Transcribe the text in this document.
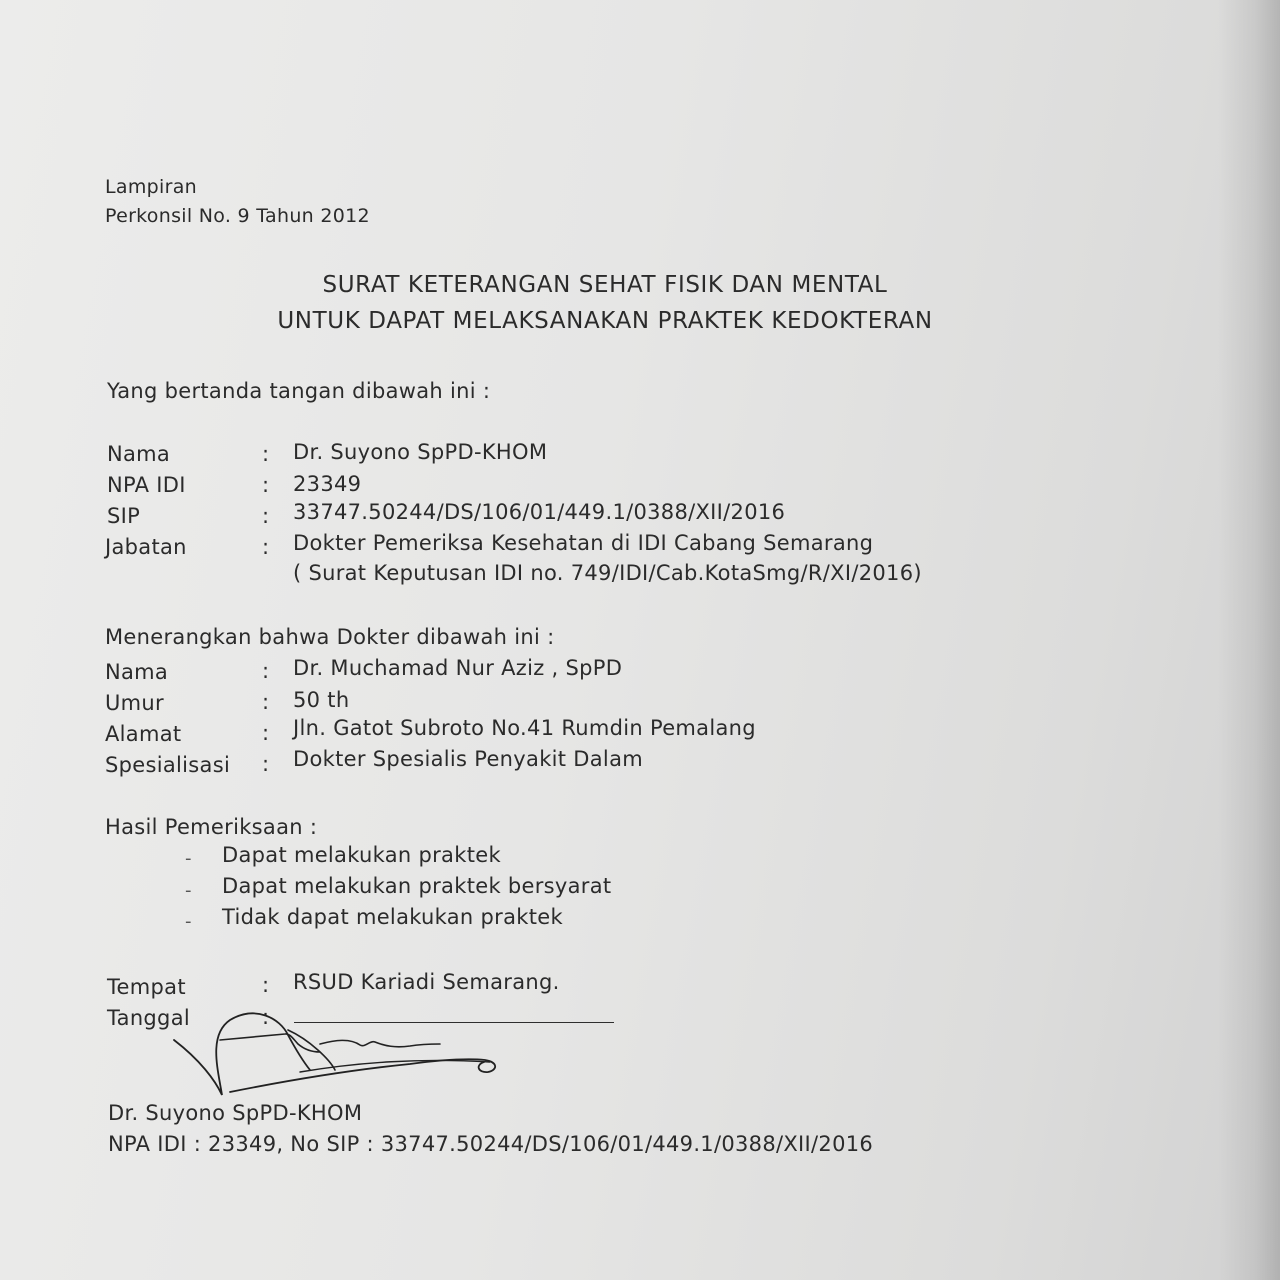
Lampiran
Perkonsil No. 9 Tahun 2012
SURAT KETERANGAN SEHAT FISIK DAN MENTAL
UNTUK DAPAT MELAKSANAKAN PRAKTEK KEDOKTERAN
Yang bertanda tangan dibawah ini :
Nama	: Dr. Suyono SpPD-KHOM
NPA IDI	: 23349
SIP	: 33747.50244/DS/106/01/449.1/0388/XII/2016
Jabatan	: Dokter Pemeriksa Kesehatan di IDI Cabang Semarang
( Surat Keputusan IDI no. 749/IDI/Cab.KotaSmg/R/XI/2016)
Menerangkan bahwa Dokter dibawah ini :
Nama	: Dr. Muchamad Nur Aziz , SpPD
Umur	: 50 th
Alamat	: Jln. Gatot Subroto No.41 Rumdin Pemalang
Spesialisasi : Dokter Spesialis Penyakit Dalam
Hasil Pemeriksaan :
- Dapat melakukan praktek
- Dapat melakukan praktek bersyarat
- Tidak dapat melakukan praktek
Tempat	: RSUD Kariadi Semarang.
Tanggal	:
Dr. Suyono SpPD-KHOM
NPA IDI : 23349, No SIP : 33747.50244/DS/106/01/449.1/0388/XII/2016
